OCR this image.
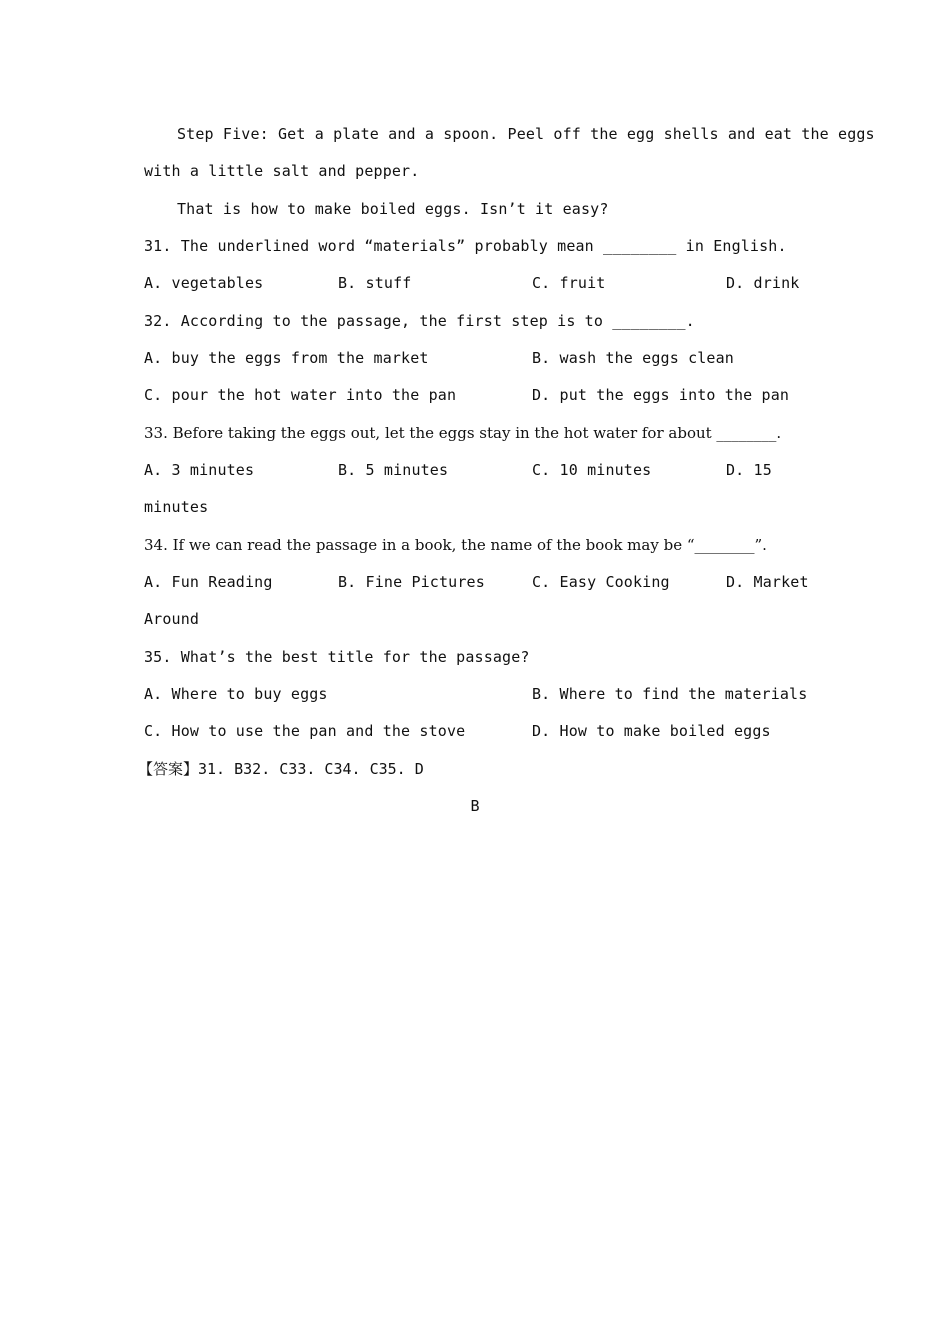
Step Five: Get a plate and a spoon. Peel off the egg shells and eat the eggs
with a little salt and pepper.
That is how to make boiled eggs. Isn’t it easy?
31. The underlined word “materials” probably mean ________ in English.
A. vegetables	B. stuff	C. fruit	D. drink
32. According to the passage, the first step is to ________.
A. buy the eggs from the market	B. wash the eggs clean
C. pour the hot water into the pan	D. put the eggs into the pan
33. Before taking the eggs out, let the eggs stay in the hot water for about ________.
A. 3 minutes	B. 5 minutes	C. 10 minutes	D. 15
minutes
34. If we can read the passage in a book, the name of the book may be “________”.
A. Fun Reading	B. Fine Pictures	C. Easy Cooking	D. Market
Around
35. What’s the best title for the passage?
A. Where to buy eggs	B. Where to find the materials
C. How to use the pan and the stove	D. How to make boiled eggs
【答案】31. B32. C33. C34. C35. D
B
